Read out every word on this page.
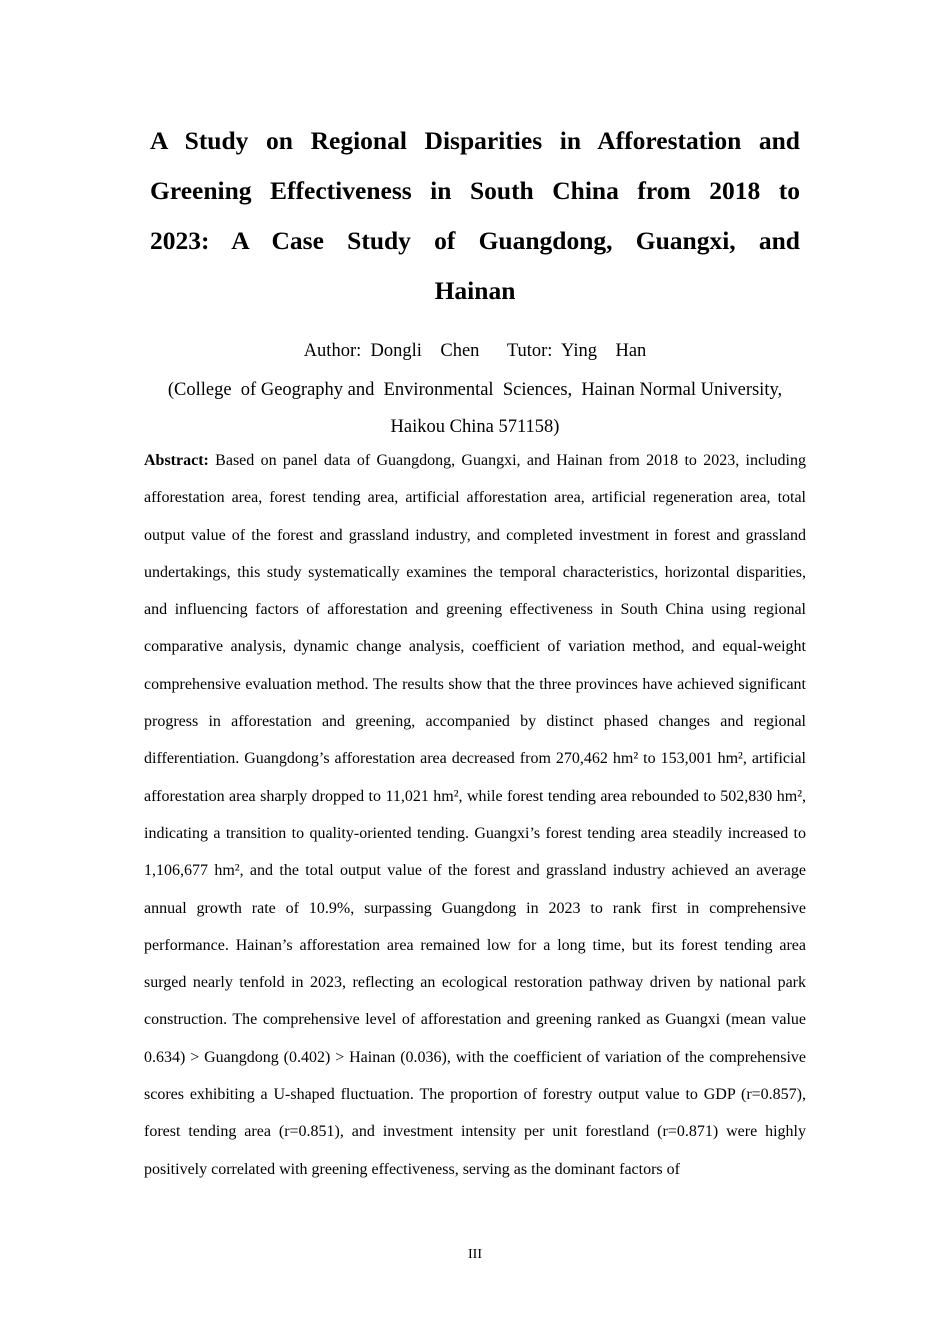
A Study on Regional Disparities in Afforestation and
Greening Effectiveness in South China from 2018 to
2023: A Case Study of Guangdong, Guangxi, and
Hainan
Author:  Dongli    Chen      Tutor:  Ying    Han
(College  of Geography and  Environmental  Sciences,  Hainan Normal University,
Haikou China 571158)

Abstract: Based on panel data of Guangdong, Guangxi, and Hainan from 2018 to 2023, including afforestation area, forest tending area, artificial afforestation area, artificial regeneration area, total output value of the forest and grassland industry, and completed investment in forest and grassland undertakings, this study systematically examines the temporal characteristics, horizontal disparities, and influencing factors of afforestation and greening effectiveness in South China using regional comparative analysis, dynamic change analysis, coefficient of variation method, and equal-weight comprehensive evaluation method. The results show that the three provinces have achieved significant progress in afforestation and greening, accompanied by distinct phased changes and regional differentiation. Guangdong’s afforestation area decreased from 270,462 hm² to 153,001 hm², artificial afforestation area sharply dropped to 11,021 hm², while forest tending area rebounded to 502,830 hm², indicating a transition to quality-oriented tending. Guangxi’s forest tending area steadily increased to 1,106,677 hm², and the total output value of the forest and grassland industry achieved an average annual growth rate of 10.9%, surpassing Guangdong in 2023 to rank first in comprehensive performance. Hainan’s afforestation area remained low for a long time, but its forest tending area surged nearly tenfold in 2023, reflecting an ecological restoration pathway driven by national park construction. The comprehensive level of afforestation and greening ranked as Guangxi (mean value 0.634) > Guangdong (0.402) > Hainan (0.036), with the coefficient of variation of the comprehensive scores exhibiting a U-shaped fluctuation. The proportion of forestry output value to GDP (r=0.857), forest tending area (r=0.851), and investment intensity per unit forestland (r=0.871) were highly positively correlated with greening effectiveness, serving as the dominant factors of

III
